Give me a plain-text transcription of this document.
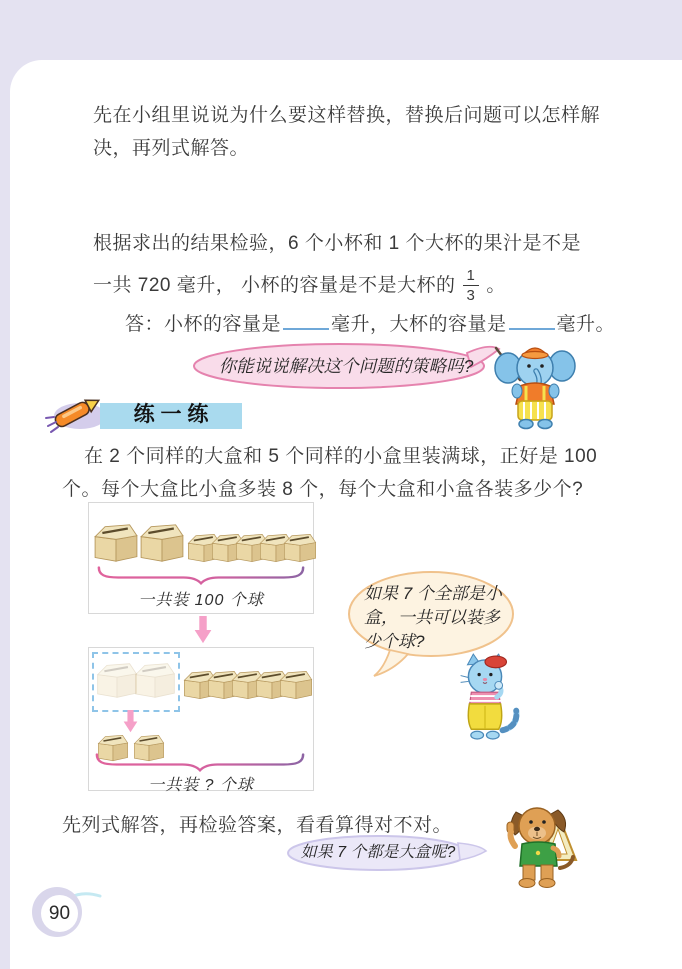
先在小组里说说为什么要这样替换，替换后问题可以怎样解
决，再列式解答。
根据求出的结果检验，6 个小杯和 1 个大杯的果汁是不是
一共 720 毫升， 小杯的容量是不是大杯的 $\frac{1}{3}$ 。
答：小杯的容量是	毫升，大杯的容量是	毫升。
你能说说解决这个问题的策略吗?
练 一 练
在 2 个同样的大盒和 5 个同样的小盒里装满球，正好是 100
个。每个大盒比小盒多装 8 个，每个大盒和小盒各装多少个?
一共装 100 个球
一共装 ? 个球
如果 7 个全部是小
盒，一共可以装多
少个球?
先列式解答，再检验答案，看看算得对不对。
如果 7 个都是大盒呢?
90
